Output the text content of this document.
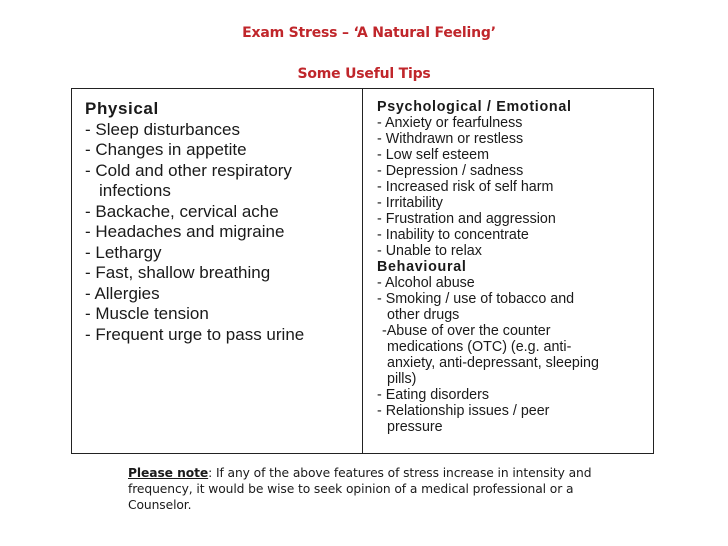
Exam Stress – ‘A Natural Feeling’
Some Useful Tips
Physical
- Sleep disturbances
- Changes in appetite
- Cold and other respiratory
infections
- Backache, cervical ache
- Headaches and migraine
- Lethargy
- Fast, shallow breathing
- Allergies
- Muscle tension
- Frequent urge to pass urine
Psychological / Emotional
- Anxiety or fearfulness
- Withdrawn or restless
- Low self esteem
- Depression / sadness
- Increased risk of self harm
- Irritability
- Frustration and aggression
- Inability to concentrate
- Unable to relax
Behavioural
- Alcohol abuse
- Smoking / use of tobacco and
other drugs
-Abuse of over the counter
medications (OTC) (e.g. anti-
anxiety, anti-depressant, sleeping
pills)
- Eating disorders
- Relationship issues / peer
pressure
Please note: If any of the above features of stress increase in intensity and frequency, it would be wise to seek opinion of a medical professional or a Counselor.
